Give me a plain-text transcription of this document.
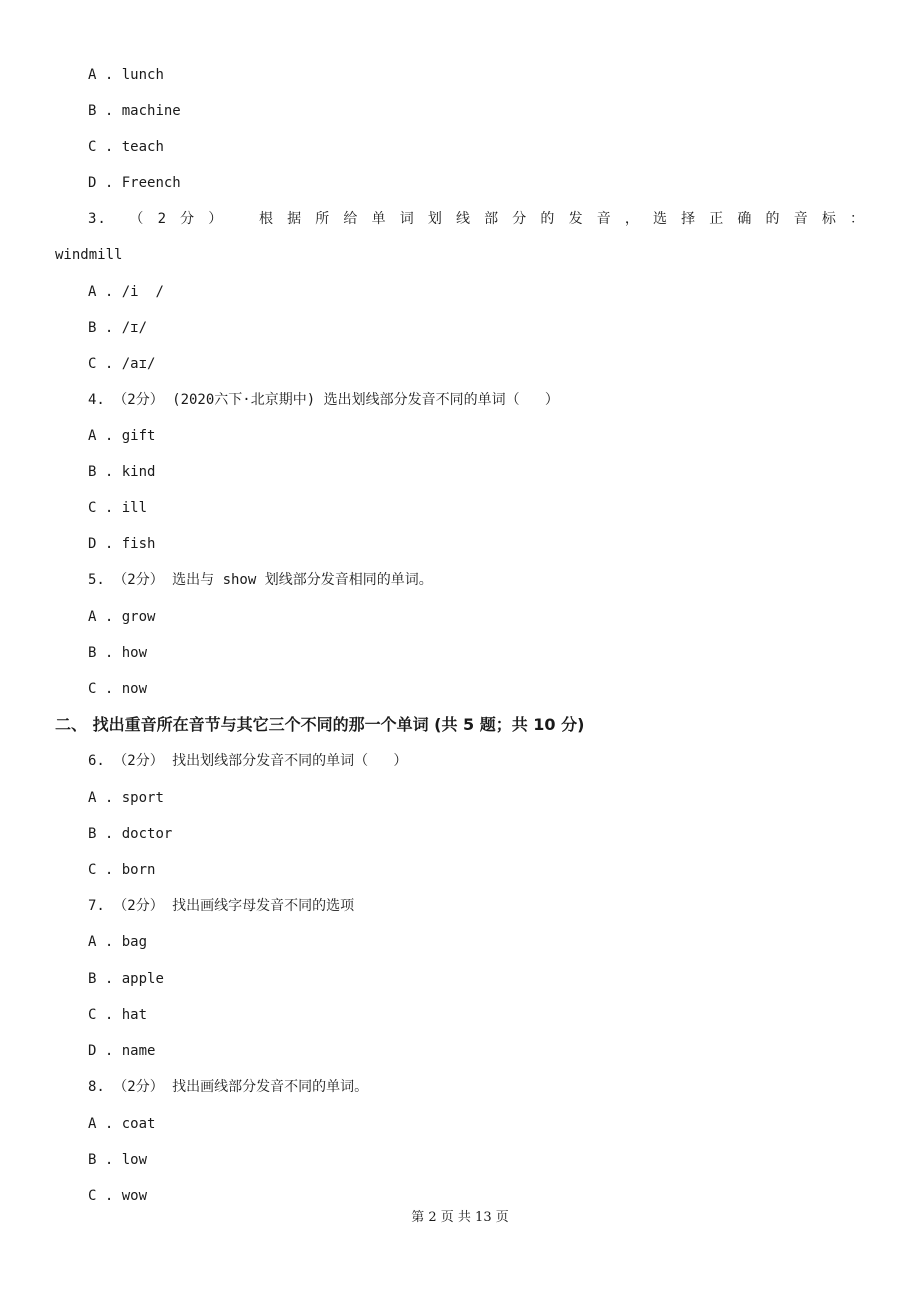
A . lunch
B . machine
C . teach
D . Freench
3. （2分） 根据所给单词划线部分的发音，选择正确的音标：
windmill
A . /i  /
B . /ɪ/
C . /aɪ/
4. （2分） (2020六下·北京期中) 选出划线部分发音不同的单词（   ）
A . gift
B . kind
C . ill
D . fish
5. （2分） 选出与 show 划线部分发音相同的单词。
A . grow
B . how
C . now
二、 找出重音所在音节与其它三个不同的那一个单词 (共 5 题；共 10 分)
6. （2分） 找出划线部分发音不同的单词（   ）
A . sport
B . doctor
C . born
7. （2分） 找出画线字母发音不同的选项
A . bag
B . apple
C . hat
D . name
8. （2分） 找出画线部分发音不同的单词。
A . coat
B . low
C . wow
第 2 页 共 13 页
